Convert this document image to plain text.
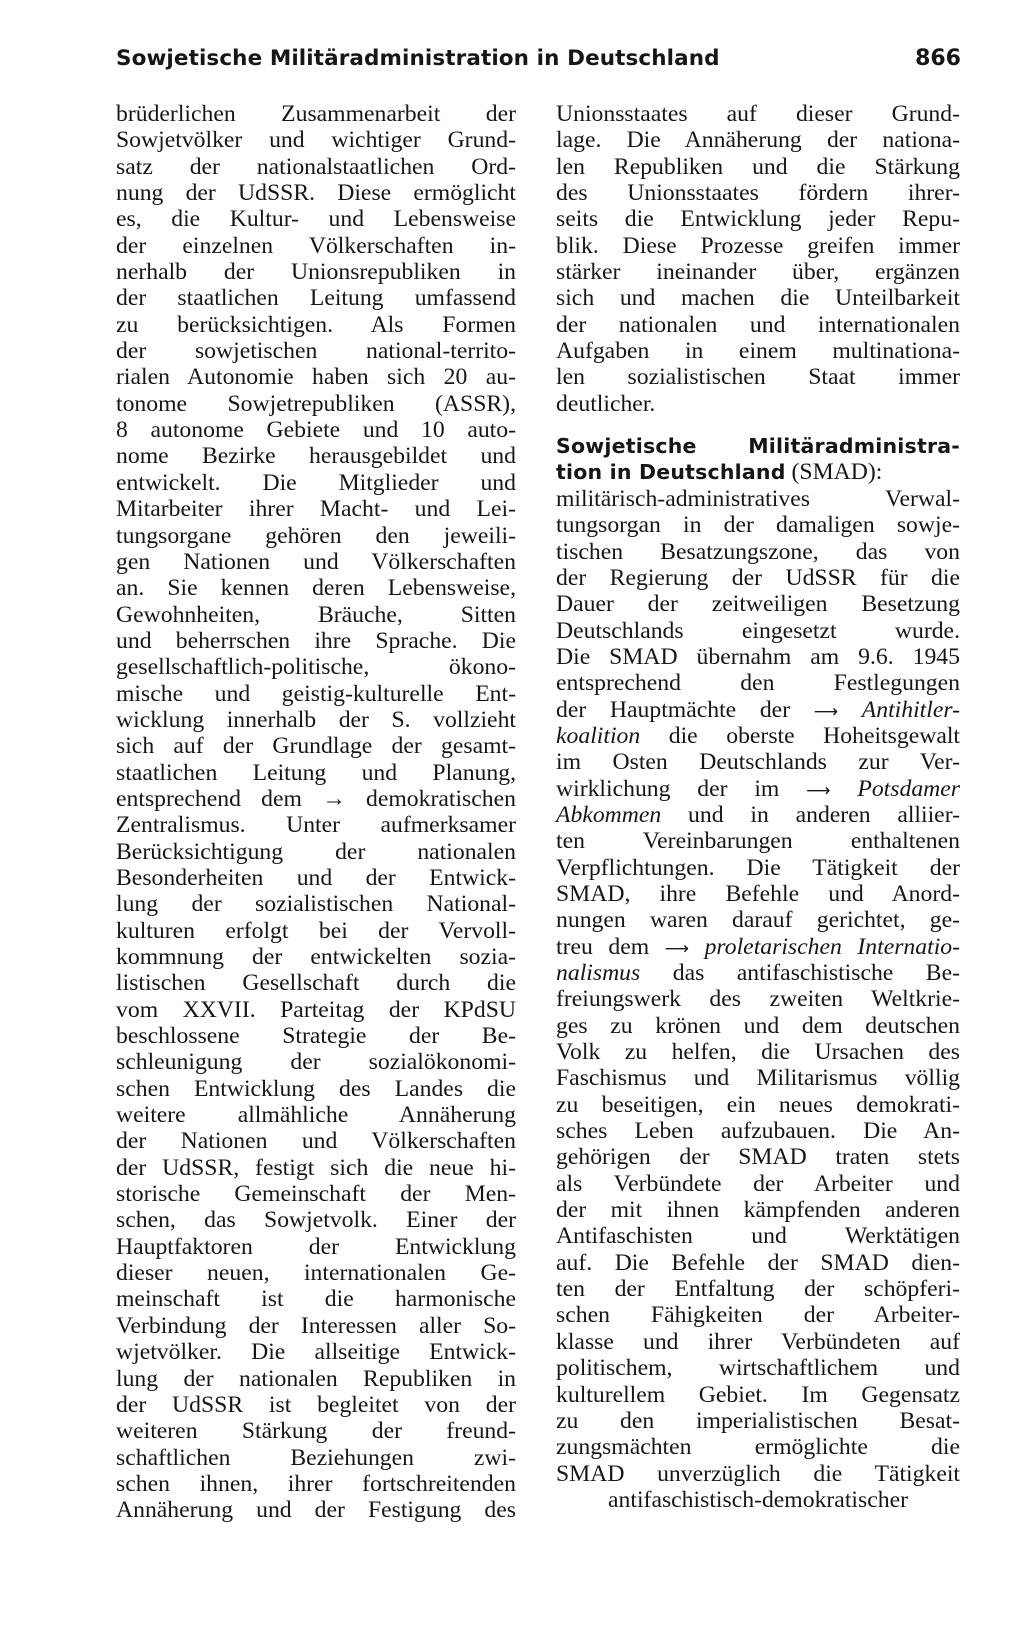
Sowjetische Militäradministration in Deutschland	866
brüderlichen Zusammenarbeit der
Sowjetvölker und wichtiger Grund-
satz der nationalstaatlichen Ord-
nung der UdSSR. Diese ermöglicht
es, die Kultur- und Lebensweise
der einzelnen Völkerschaften in-
nerhalb der Unionsrepubliken in
der staatlichen Leitung umfassend
zu berücksichtigen. Als Formen
der sowjetischen national-territo-
rialen Autonomie haben sich 20 au-
tonome Sowjetrepubliken (ASSR),
8 autonome Gebiete und 10 auto-
nome Bezirke herausgebildet und
entwickelt. Die Mitglieder und
Mitarbeiter ihrer Macht- und Lei-
tungsorgane gehören den jeweili-
gen Nationen und Völkerschaften
an. Sie kennen deren Lebensweise,
Gewohnheiten, Bräuche, Sitten
und beherrschen ihre Sprache. Die
gesellschaftlich-politische, ökono-
mische und geistig-kulturelle Ent-
wicklung innerhalb der S. vollzieht
sich auf der Grundlage der gesamt-
staatlichen Leitung und Planung,
entsprechend dem → demokratischen
Zentralismus. Unter aufmerksamer
Berücksichtigung der nationalen
Besonderheiten und der Entwick-
lung der sozialistischen National-
kulturen erfolgt bei der Vervoll-
kommnung der entwickelten sozia-
listischen Gesellschaft durch die
vom XXVII. Parteitag der KPdSU
beschlossene Strategie der Be-
schleunigung der sozialökonomi-
schen Entwicklung des Landes die
weitere allmähliche Annäherung
der Nationen und Völkerschaften
der UdSSR, festigt sich die neue hi-
storische Gemeinschaft der Men-
schen, das Sowjetvolk. Einer der
Hauptfaktoren der Entwicklung
dieser neuen, internationalen Ge-
meinschaft ist die harmonische
Verbindung der Interessen aller So-
wjetvölker. Die allseitige Entwick-
lung der nationalen Republiken in
der UdSSR ist begleitet von der
weiteren Stärkung der freund-
schaftlichen Beziehungen zwi-
schen ihnen, ihrer fortschreitenden
Annäherung und der Festigung des
Unionsstaates auf dieser Grund-
lage. Die Annäherung der nationa-
len Republiken und die Stärkung
des Unionsstaates fördern ihrer-
seits die Entwicklung jeder Repu-
blik. Diese Prozesse greifen immer
stärker ineinander über, ergänzen
sich und machen die Unteilbarkeit
der nationalen und internationalen
Aufgaben in einem multinationa-
len sozialistischen Staat immer
deutlicher.
Sowjetische Militäradministra-
tion in Deutschland (SMAD):
militärisch-administratives Verwal-
tungsorgan in der damaligen sowje-
tischen Besatzungszone, das von
der Regierung der UdSSR für die
Dauer der zeitweiligen Besetzung
Deutschlands eingesetzt wurde.
Die SMAD übernahm am 9.6. 1945
entsprechend den Festlegungen
der Hauptmächte der ⟶ Antihitler-
koalition die oberste Hoheitsgewalt
im Osten Deutschlands zur Ver-
wirklichung der im ⟶ Potsdamer
Abkommen und in anderen alliier-
ten Vereinbarungen enthaltenen
Verpflichtungen. Die Tätigkeit der
SMAD, ihre Befehle und Anord-
nungen waren darauf gerichtet, ge-
treu dem ⟶ proletarischen Internatio-
nalismus das antifaschistische Be-
freiungswerk des zweiten Weltkrie-
ges zu krönen und dem deutschen
Volk zu helfen, die Ursachen des
Faschismus und Militarismus völlig
zu beseitigen, ein neues demokrati-
sches Leben aufzubauen. Die An-
gehörigen der SMAD traten stets
als Verbündete der Arbeiter und
der mit ihnen kämpfenden anderen
Antifaschisten und Werktätigen
auf. Die Befehle der SMAD dien-
ten der Entfaltung der schöpferi-
schen Fähigkeiten der Arbeiter-
klasse und ihrer Verbündeten auf
politischem, wirtschaftlichem und
kulturellem Gebiet. Im Gegensatz
zu den imperialistischen Besat-
zungsmächten ermöglichte die
SMAD unverzüglich die Tätigkeit
antifaschistisch-demokratischer
